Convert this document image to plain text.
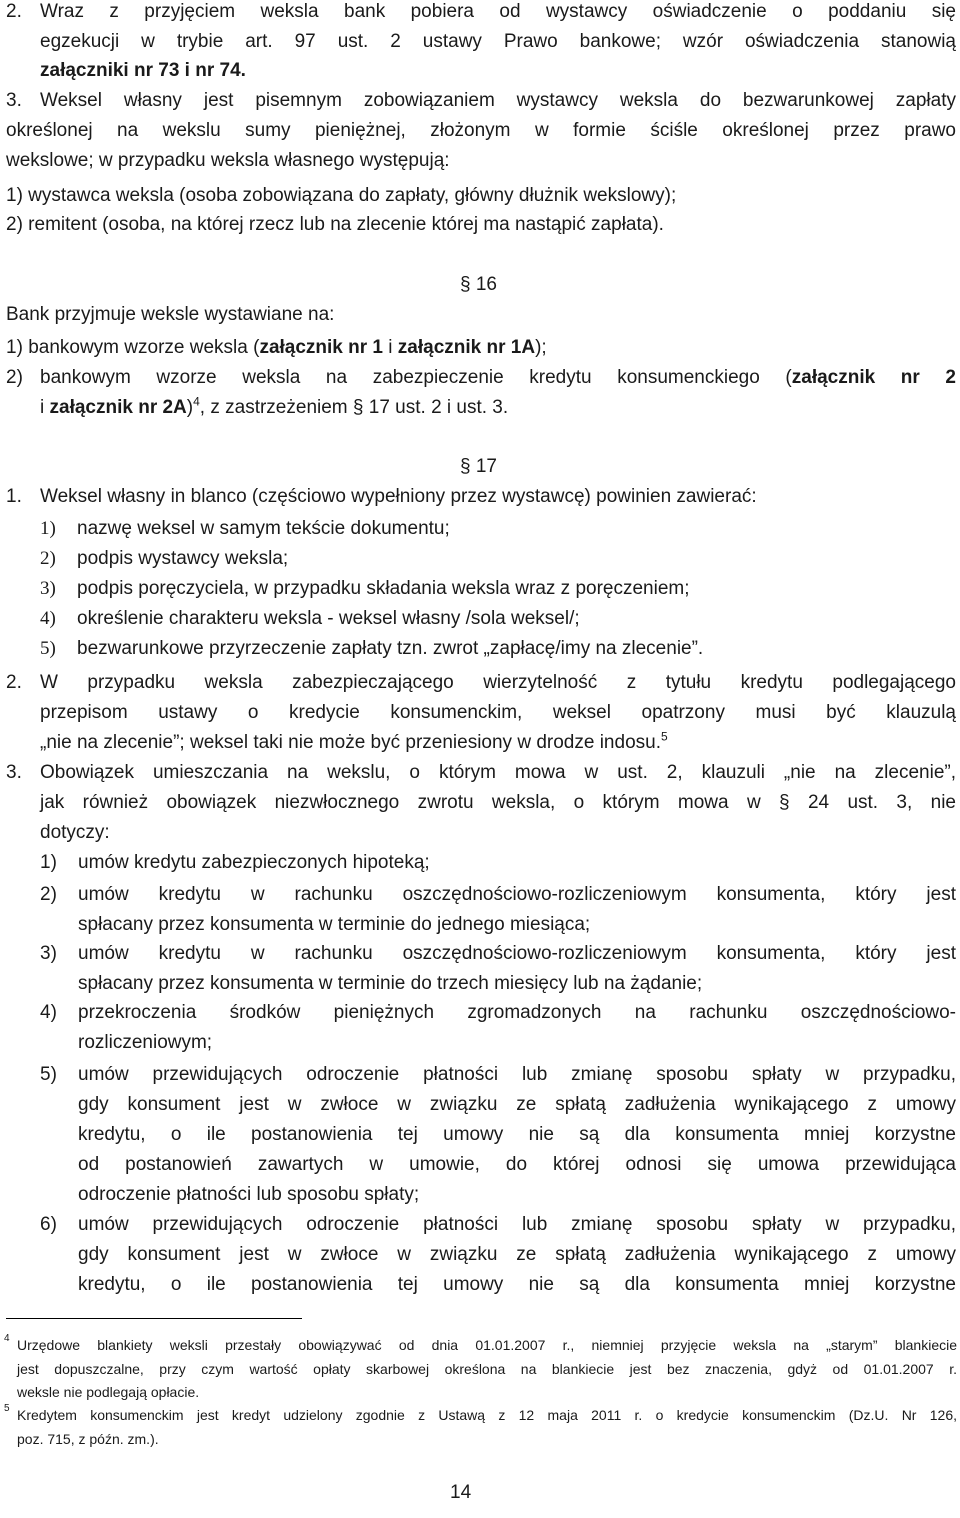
2. Wraz z przyjęciem weksla bank pobiera od wystawcy oświadczenie o poddaniu się
egzekucji w trybie art. 97 ust. 2 ustawy Prawo bankowe; wzór oświadczenia stanowią
załączniki nr 73 i nr 74.
3. Weksel własny jest pisemnym zobowiązaniem wystawcy weksla do bezwarunkowej zapłaty
określonej na wekslu sumy pieniężnej, złożonym w formie ściśle określonej przez prawo
wekslowe; w przypadku weksla własnego występują:
1) wystawca weksla (osoba zobowiązana do zapłaty, główny dłużnik wekslowy);
2) remitent (osoba, na której rzecz lub na zlecenie której ma nastąpić zapłata).
§ 16
Bank przyjmuje weksle wystawiane na:
1) bankowym wzorze weksla (załącznik nr 1 i załącznik nr 1A);
2) bankowym wzorze weksla na zabezpieczenie kredytu konsumenckiego (załącznik nr 2
i załącznik nr 2A)$^4$, z zastrzeżeniem § 17 ust. 2 i ust. 3.
§ 17
1. Weksel własny in blanco (częściowo wypełniony przez wystawcę) powinien zawierać:
1) nazwę weksel w samym tekście dokumentu;
2) podpis wystawcy weksla;
3) podpis poręczyciela, w przypadku składania weksla wraz z poręczeniem;
4) określenie charakteru weksla - weksel własny /sola weksel/;
5) bezwarunkowe przyrzeczenie zapłaty tzn. zwrot „zapłacę/imy na zlecenie”.
2. W przypadku weksla zabezpieczającego wierzytelność z tytułu kredytu podlegającego
przepisom ustawy o kredycie konsumenckim, weksel opatrzony musi być klauzulą
„nie na zlecenie”; weksel taki nie może być przeniesiony w drodze indosu.$^5$
3. Obowiązek umieszczania na wekslu, o którym mowa w ust. 2, klauzuli „nie na zlecenie”,
jak również obowiązek niezwłocznego zwrotu weksla, o którym mowa w § 24 ust. 3, nie
dotyczy:
1) umów kredytu zabezpieczonych hipoteką;
2) umów kredytu w rachunku oszczędnościowo-rozliczeniowym konsumenta, który jest
spłacany przez konsumenta w terminie do jednego miesiąca;
3) umów kredytu w rachunku oszczędnościowo-rozliczeniowym konsumenta, który jest
spłacany przez konsumenta w terminie do trzech miesięcy lub na żądanie;
4) przekroczenia środków pieniężnych zgromadzonych na rachunku oszczędnościowo-
rozliczeniowym;
5) umów przewidujących odroczenie płatności lub zmianę sposobu spłaty w przypadku,
gdy konsument jest w zwłoce w związku ze spłatą zadłużenia wynikającego z umowy
kredytu, o ile postanowienia tej umowy nie są dla konsumenta mniej korzystne
od postanowień zawartych w umowie, do której odnosi się umowa przewidująca
odroczenie płatności lub sposobu spłaty;
6) umów przewidujących odroczenie płatności lub zmianę sposobu spłaty w przypadku,
gdy konsument jest w zwłoce w związku ze spłatą zadłużenia wynikającego z umowy
kredytu, o ile postanowienia tej umowy nie są dla konsumenta mniej korzystne
4 Urzędowe blankiety weksli przestały obowiązywać od dnia 01.01.2007 r., niemniej przyjęcie weksla na „starym” blankiecie
jest dopuszczalne, przy czym wartość opłaty skarbowej określona na blankiecie jest bez znaczenia, gdyż od 01.01.2007 r.
weksle nie podlegają opłacie.
5 Kredytem konsumenckim jest kredyt udzielony zgodnie z Ustawą z 12 maja 2011 r. o kredycie konsumenckim (Dz.U. Nr 126,
poz. 715, z późn. zm.).
14
